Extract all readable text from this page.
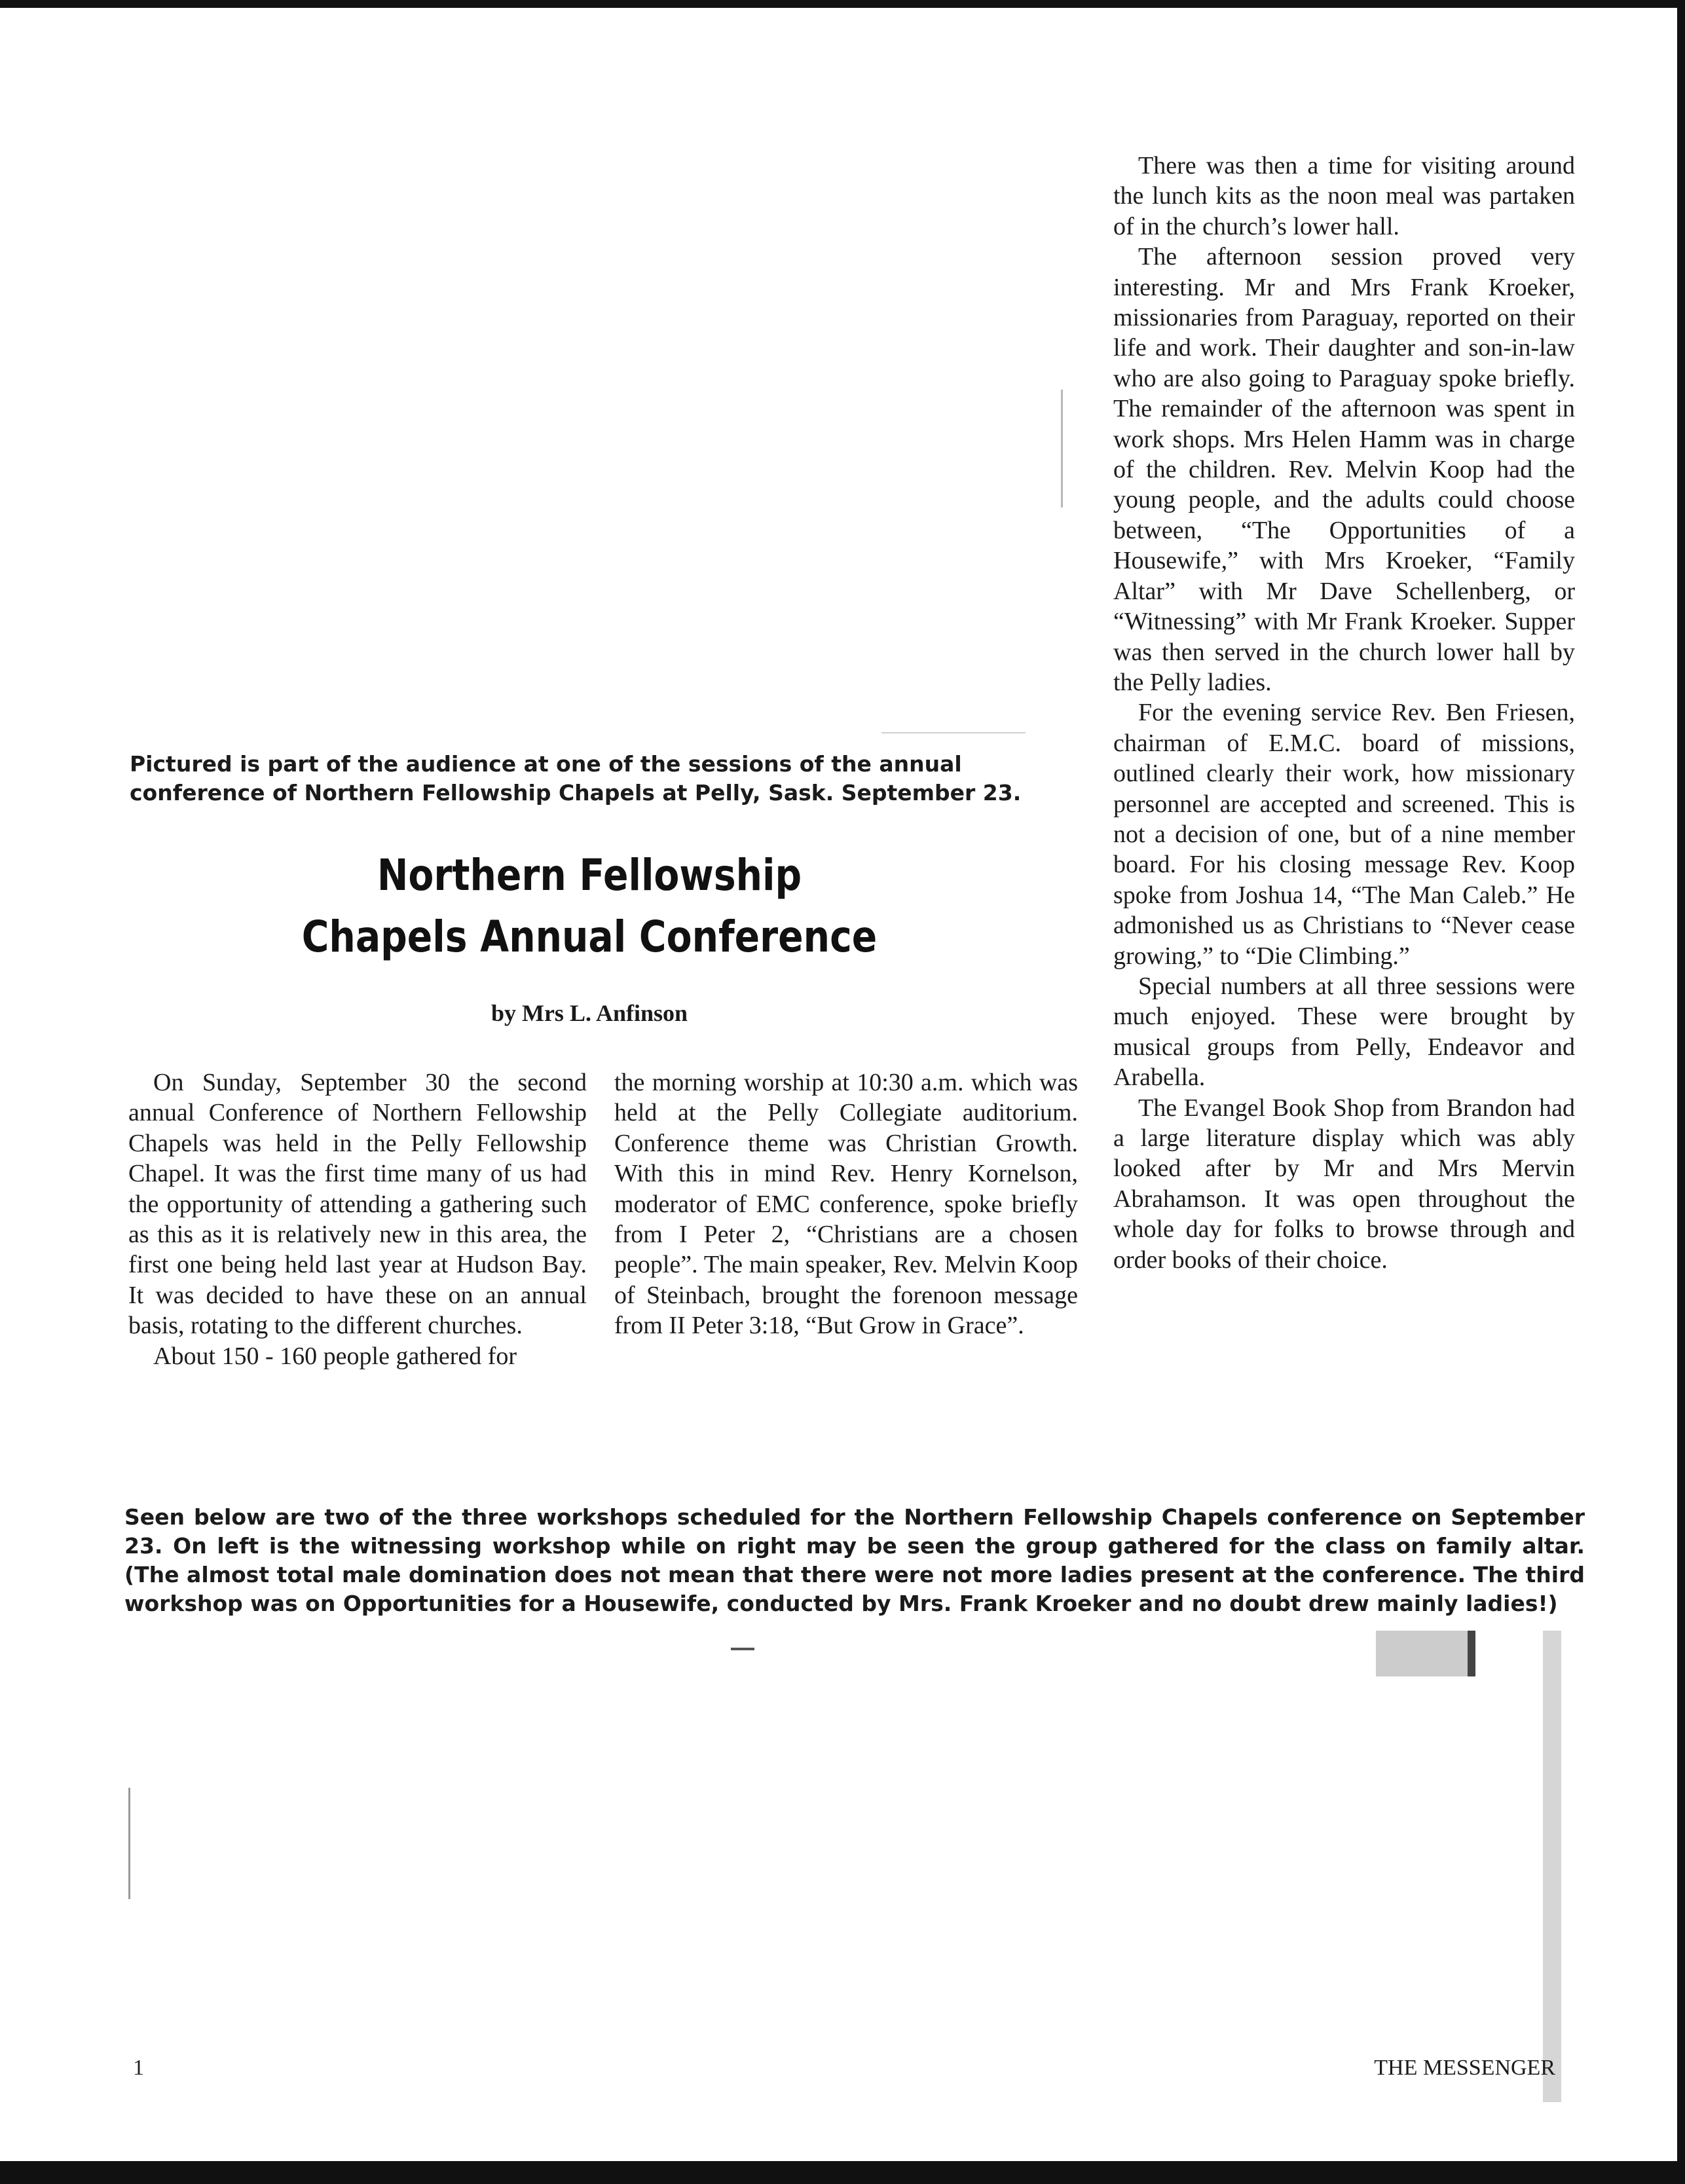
Pictured is part of the audience at one of the sessions of the annual conference of Northern Fellowship Chapels at Pelly, Sask. September 23.

Northern Fellowship
Chapels Annual Conference

by Mrs L. Anfinson

On Sunday, September 30 the second annual Conference of Northern Fellowship Chapels was held in the Pelly Fellowship Chapel. It was the first time many of us had the opportunity of attending a gathering such as this as it is relatively new in this area, the first one being held last year at Hudson Bay. It was decided to have these on an annual basis, rotating to the different churches.

About 150 - 160 people gathered for

the morning worship at 10:30 a.m. which was held at the Pelly Collegiate auditorium. Conference theme was Christian Growth. With this in mind Rev. Henry Kornelson, moderator of EMC conference, spoke briefly from I Peter 2, “Christians are a chosen people”. The main speaker, Rev. Melvin Koop of Steinbach, brought the forenoon message from II Peter 3:18, “But Grow in Grace”.

There was then a time for visiting around the lunch kits as the noon meal was partaken of in the church’s lower hall.

The afternoon session proved very interesting. Mr and Mrs Frank Kroeker, missionaries from Paraguay, reported on their life and work. Their daughter and son-in-law who are also going to Paraguay spoke briefly. The remainder of the afternoon was spent in work shops. Mrs Helen Hamm was in charge of the children. Rev. Melvin Koop had the young people, and the adults could choose between, “The Opportunities of a Housewife,” with Mrs Kroeker, “Family Altar” with Mr Dave Schellenberg, or “Witnessing” with Mr Frank Kroeker. Supper was then served in the church lower hall by the Pelly ladies.

For the evening service Rev. Ben Friesen, chairman of E.M.C. board of missions, outlined clearly their work, how missionary personnel are accepted and screened. This is not a decision of one, but of a nine member board. For his closing message Rev. Koop spoke from Joshua 14, “The Man Caleb.” He admonished us as Christians to “Never cease growing,” to “Die Climbing.”

Special numbers at all three sessions were much enjoyed. These were brought by musical groups from Pelly, Endeavor and Arabella.

The Evangel Book Shop from Brandon had a large literature display which was ably looked after by Mr and Mrs Mervin Abrahamson. It was open throughout the whole day for folks to browse through and order books of their choice.

Seen below are two of the three workshops scheduled for the Northern Fellowship Chapels conference on September 23. On left is the witnessing workshop while on right may be seen the group gathered for the class on family altar. (The almost total male domination does not mean that there were not more ladies present at the conference. The third workshop was on Opportunities for a Housewife, conducted by Mrs. Frank Kroeker and no doubt drew mainly ladies!)

1	THE MESSENGER
